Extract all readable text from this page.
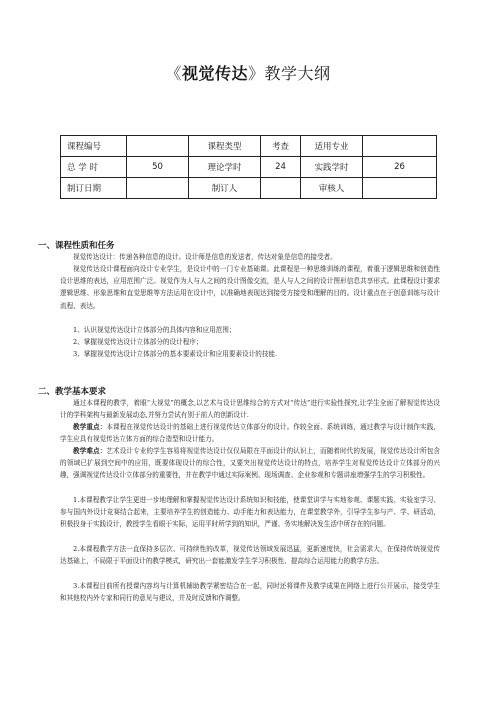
《视觉传达》教学大纲
课程编号		课程类型	考查	适用专业	
总 学 时	50	理论学时	24	实践学时	26
制订日期		制订人		审核人	
一、课程性质和任务
视觉传达设计：传递各种信息的设计。设计师是信息的发送者，传达对象是信息的接受者。
视觉传达设计课程面向设计专业学生，是设计中的一门专业基础课。此课程是一种思维训练的课程，着重于逻辑思维和创造性设计思维的表达，应用范围广泛。视觉作为人与人之间的设计图像交流，是人与人之间的设计图形信息共享形式。此课程设计要求逻辑思维、形象思维和直觉思维等方法运用在设计中，以准确地表现达到接受方接受和理解的目的。设计重点在于创意训练与设计流程、表达。
1、认识视觉传达设计立体部分的具体内容和应用范围；
2、掌握视觉传达设计立体部分的设计程序；
3、掌握视觉传达设计立体部分的基本要素设计和应用要素设计的技能.
二、教学基本要求
通过本课程的教学，着眼“大视觉”的概念,以艺术与设计思维综合的方式对“传达”进行实验性探究,让学生全面了解视觉传达设计的学科架构与最新发展动态,并努力尝试有别于前人的创新设计.
教学重点：本课程在视觉传达设计的基础上进行视觉传达立体部分的设计。作较全面、系统训练，通过教学与设计制作实践，学生应具有视觉传达立体方面的综合造型和设计能力。
教学难点：艺术设计专业的学生容易将视觉传达设计仅仅局限在平面设计的认识上，而随着时代的发展，视觉传达设计所包含的领域已扩展到空间中的应用，既要体现设计的综合性，又要突出视觉传达设计的特点，培养学生对视觉传达设计立体部分的兴趣，强调视觉传达设计立体部分的重要性，并在教学中通过实际案例、现场调查、企业参观和专题讲座增强学生的学习积极性。
1.本课程教学让学生更进一步地理解和掌握视觉传达设计系统知识和技能，使课堂讲学与实地参观、课题实践、实验室学习、参与国内外设计竞赛结合起来，主要培养学生的创造能力、动手能力和表达能力，在课堂教学外，引导学生参与产、学、研活动，积极投身于实践设计，教授学生看眼于实际，运用平时所学到的知识，严谨、务实地解决发生活中所存在的问题。
2.本课程教学方法一直保持多层次、可持续性的改革，视觉传达领域发展迅猛，更新速度快，社会需求大，在保持传统视觉传达基础上，不局限于平面设计的教学模式，研究出一套能激发学生学习积极性、提高综合运用能力的教学方法。
3.本课程目前所有授课内容均与计算机辅助教学紧密结合在一起，同时还将课件及教学成果在网络上进行公开展示，接受学生和其他校内外专家和同行的意见与建议，并及时反馈和作调整。
